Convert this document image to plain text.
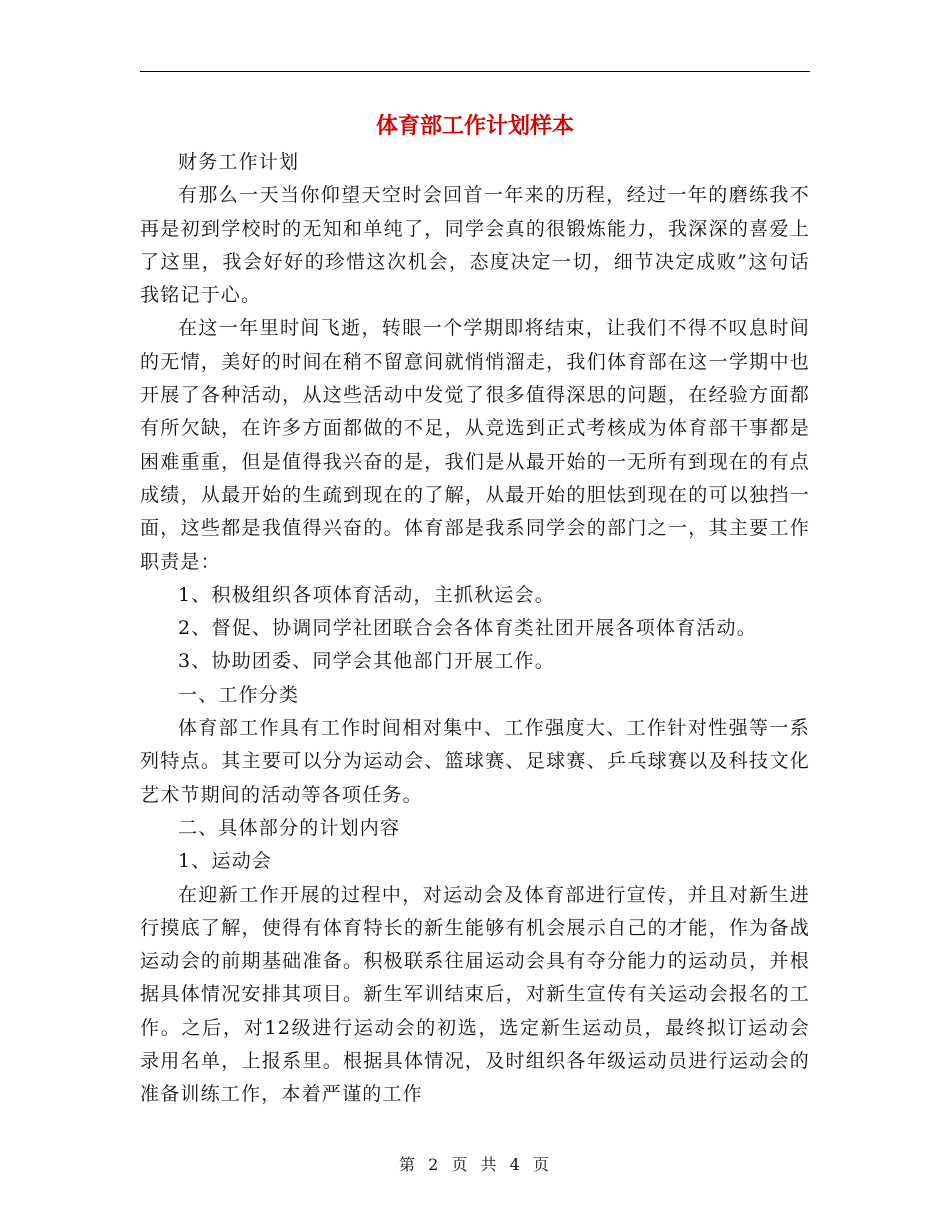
体育部工作计划样本

财务工作计划

有那么一天当你仰望天空时会回首一年来的历程，经过一年的磨练我不再是初到学校时的无知和单纯了，同学会真的很锻炼能力，我深深的喜爱上了这里，我会好好的珍惜这次机会，态度决定一切，细节决定成败”这句话我铭记于心。

在这一年里时间飞逝，转眼一个学期即将结束，让我们不得不叹息时间的无情，美好的时间在稍不留意间就悄悄溜走，我们体育部在这一学期中也开展了各种活动，从这些活动中发觉了很多值得深思的问题，在经验方面都有所欠缺，在许多方面都做的不足，从竞选到正式考核成为体育部干事都是困难重重，但是值得我兴奋的是，我们是从最开始的一无所有到现在的有点成绩，从最开始的生疏到现在的了解，从最开始的胆怯到现在的可以独挡一面，这些都是我值得兴奋的。体育部是我系同学会的部门之一，其主要工作职责是：

1、积极组织各项体育活动，主抓秋运会。

2、督促、协调同学社团联合会各体育类社团开展各项体育活动。

3、协助团委、同学会其他部门开展工作。

一、工作分类

体育部工作具有工作时间相对集中、工作强度大、工作针对性强等一系列特点。其主要可以分为运动会、篮球赛、足球赛、乒乓球赛以及科技文化艺术节期间的活动等各项任务。

二、具体部分的计划内容

1、运动会

在迎新工作开展的过程中，对运动会及体育部进行宣传，并且对新生进行摸底了解，使得有体育特长的新生能够有机会展示自己的才能，作为备战运动会的前期基础准备。积极联系往届运动会具有夺分能力的运动员，并根据具体情况安排其项目。新生军训结束后，对新生宣传有关运动会报名的工作。之后，对12级进行运动会的初选，选定新生运动员，最终拟订运动会录用名单，上报系里。根据具体情况，及时组织各年级运动员进行运动会的准备训练工作，本着严谨的工作

第 2 页 共 4 页
